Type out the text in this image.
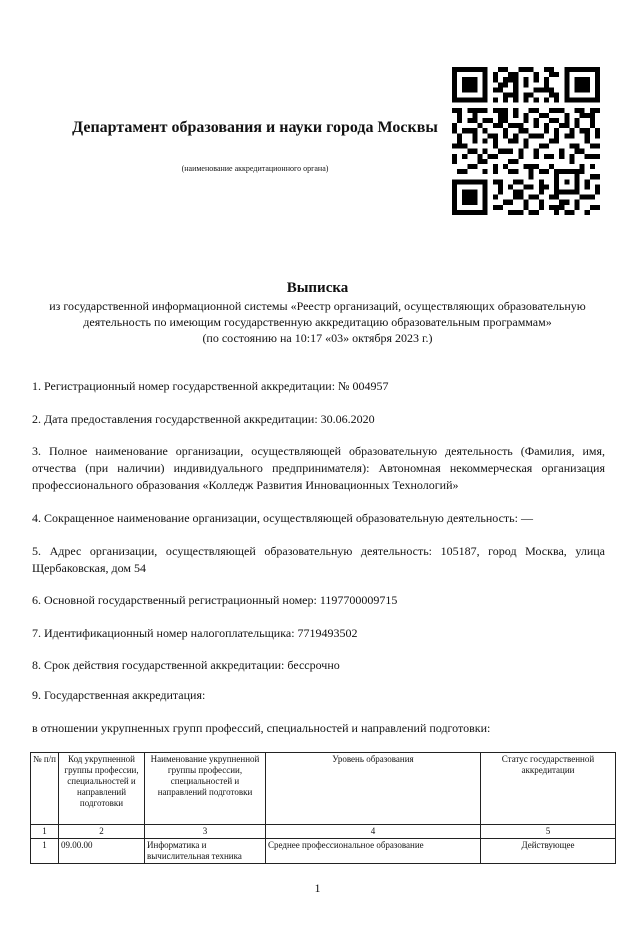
Департамент образования и науки города Москвы
(наименование аккредитационного органа)
Выписка
из государственной информационной системы «Реестр организаций, осуществляющих образовательную
деятельность по имеющим государственную аккредитацию образовательным программам»
(по состоянию на 10:17 «03» октября 2023 г.)
1. Регистрационный номер государственной аккредитации: № 004957
2. Дата предоставления государственной аккредитации: 30.06.2020
3. Полное наименование организации, осуществляющей образовательную деятельность (Фамилия, имя, отчества (при наличии) индивидуального предпринимателя): Автономная некоммерческая организация профессионального образования «Колледж Развития Инновационных Технологий»
4. Сокращенное наименование организации, осуществляющей образовательную деятельность: —
5. Адрес организации, осуществляющей образовательную деятельность: 105187, город Москва, улица Щербаковская, дом 54
6. Основной государственный регистрационный номер: 1197700009715
7. Идентификационный номер налогоплательщика: 7719493502
8. Срок действия государственной аккредитации: бессрочно
9. Государственная аккредитация:
в отношении укрупненных групп профессий, специальностей и направлений подготовки:
№ п/п	Код укрупненной группы профессии, специальностей и направлений подготовки	Наименование укрупненной группы профессии, специальностей и направлений подготовки	Уровень образования	Статус государственной аккредитации
1	2	3	4	5
1	09.00.00	Информатика и вычислительная техника	Среднее профессиональное образование	Действующее
1
